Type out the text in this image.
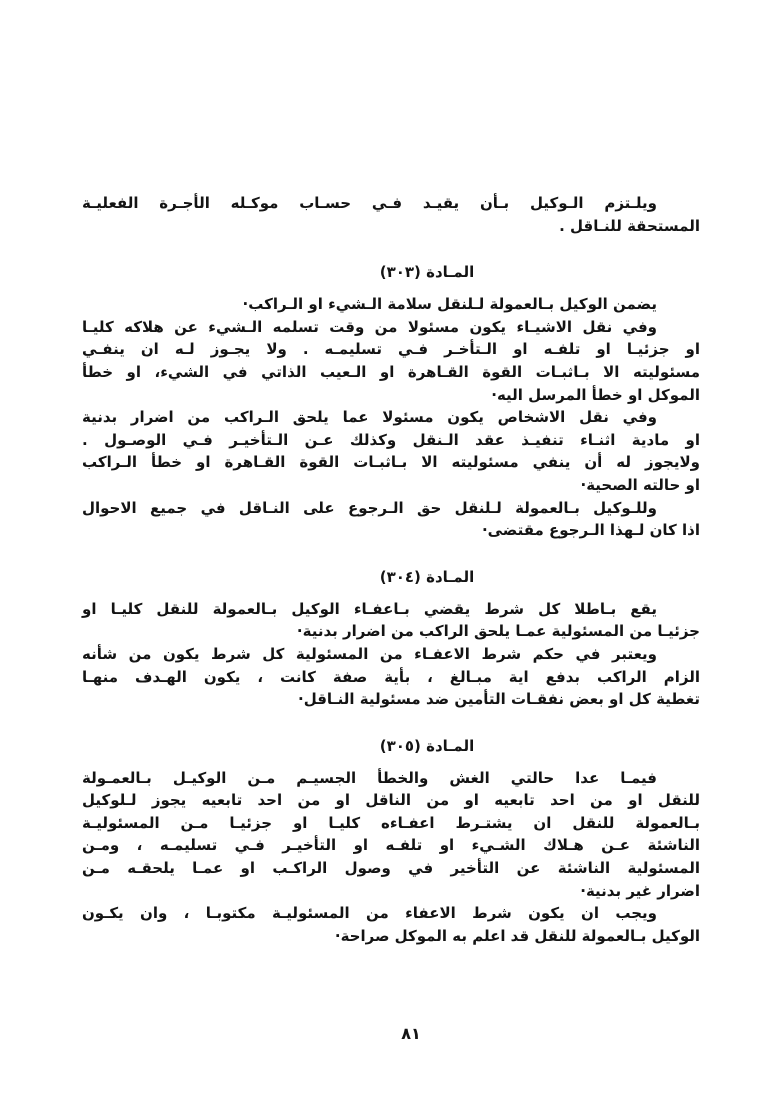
ويلـتزم الـوكيل بـأن يقيـد فـي حسـاب موكـله الأجـرة الفعليـة
المستحقة للنـاقل .
المـادة (٣٠٣)
يضمن الوكيل بـالعمولة لـلنقل سلامة الـشيء او الـراكب·
وفي نقل الاشيـاء يكون مسئولا من وقت تسلمه الـشيء عن هلاكه كليـا
او جزئيـا او تلفـه او الـتأخـر فـي تسليمـه . ولا يجـوز لـه ان ينفـي
مسئوليته الا بـاثبـات القوة القـاهرة او الـعيب الذاتي في الشيء، او خطأ
الموكل او خطأ المرسل اليه·
وفي نقل الاشخاص يكون مسئولا عما يلحق الـراكب من اضرار بدنية
او مادية اثنـاء تنفيـذ عقد الـنقل وكذلك عـن الـتأخيـر فـي الوصـول .
ولايجوز له أن ينفي مسئوليته الا بـاثبـات القوة القـاهرة او خطأ الـراكب
او حالته الصحية·
وللـوكيل بـالعمولة لـلنقل حق الـرجوع على النـاقل في جميع الاحوال
اذا كان لـهذا الـرجوع مقتضى·
المـادة (٣٠٤)
يقع بـاطلا كل شرط يقضي بـاعفـاء الوكيل بـالعمولة للنقل كليـا او
جزئيـا من المسئولية عمـا يلحق الراكب من اضرار بدنية·
ويعتبر في حكم شرط الاعفـاء من المسئولية كل شرط يكون من شأنه
الزام الراكب بدفع اية مبـالغ ، بأية صفة كانت ، يكون الهـدف منهـا
تغطية كل او بعض نفقـات التأمين ضد مسئولية النـاقل·
المـادة (٣٠٥)
فيمـا عدا حالتي الغش والخطأ الجسيـم مـن الوكيـل بـالعمـولة
للنقل او من احد تابعيه او من الناقل او من احد تابعيه يجوز لـلوكيل
بـالعمولة للنقل ان يشتـرط اعفـاءه كليـا او جزئيـا مـن المسئوليـة
الناشئة عـن هـلاك الشـيء او تلفـه او التأخيـر فـي تسليمـه ، ومـن
المسئولية الناشئة عن التأخير في وصول الراكـب او عمـا يلحقـه مـن
اضرار غير بدنية·
ويجب ان يكون شرط الاعفاء من المسئوليـة مكتوبـا ، وان يكـون
الوكيل بـالعمولة للنقل قد اعلم به الموكل صراحة·
٨١
